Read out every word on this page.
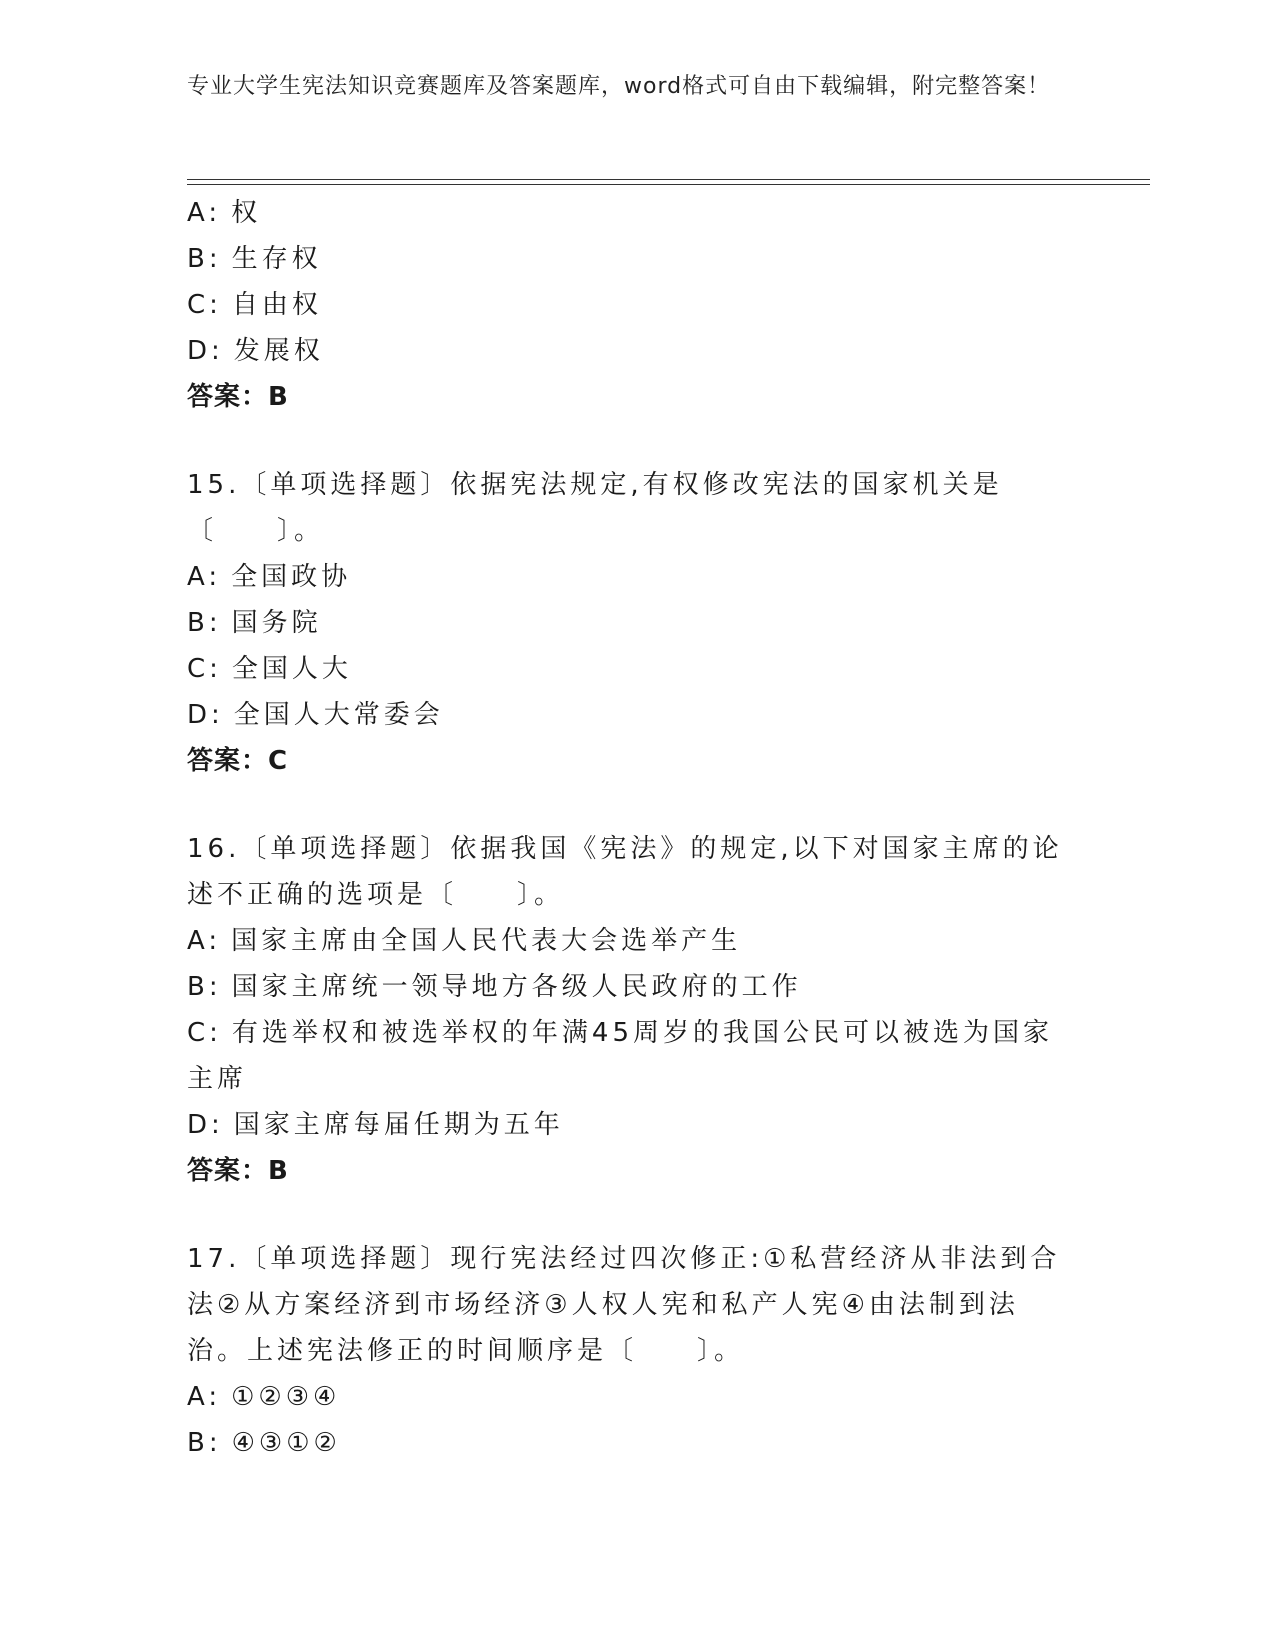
专业大学生宪法知识竞赛题库及答案题库，word格式可自由下载编辑，附完整答案！
A: 权
B: 生存权
C: 自由权
D: 发展权
答案：B
15.〔单项选择题〕依据宪法规定,有权修改宪法的国家机关是〔　　〕。
A: 全国政协
B: 国务院
C: 全国人大
D: 全国人大常委会
答案：C
16.〔单项选择题〕依据我国《宪法》的规定,以下对国家主席的论述不正确的选项是〔　　〕。
A: 国家主席由全国人民代表大会选举产生
B: 国家主席统一领导地方各级人民政府的工作
C: 有选举权和被选举权的年满45周岁的我国公民可以被选为国家主席
D: 国家主席每届任期为五年
答案：B
17.〔单项选择题〕现行宪法经过四次修正:①私营经济从非法到合法②从方案经济到市场经济③人权人宪和私产人宪④由法制到法治。上述宪法修正的时间顺序是〔　　〕。
A: ①②③④
B: ④③①②
